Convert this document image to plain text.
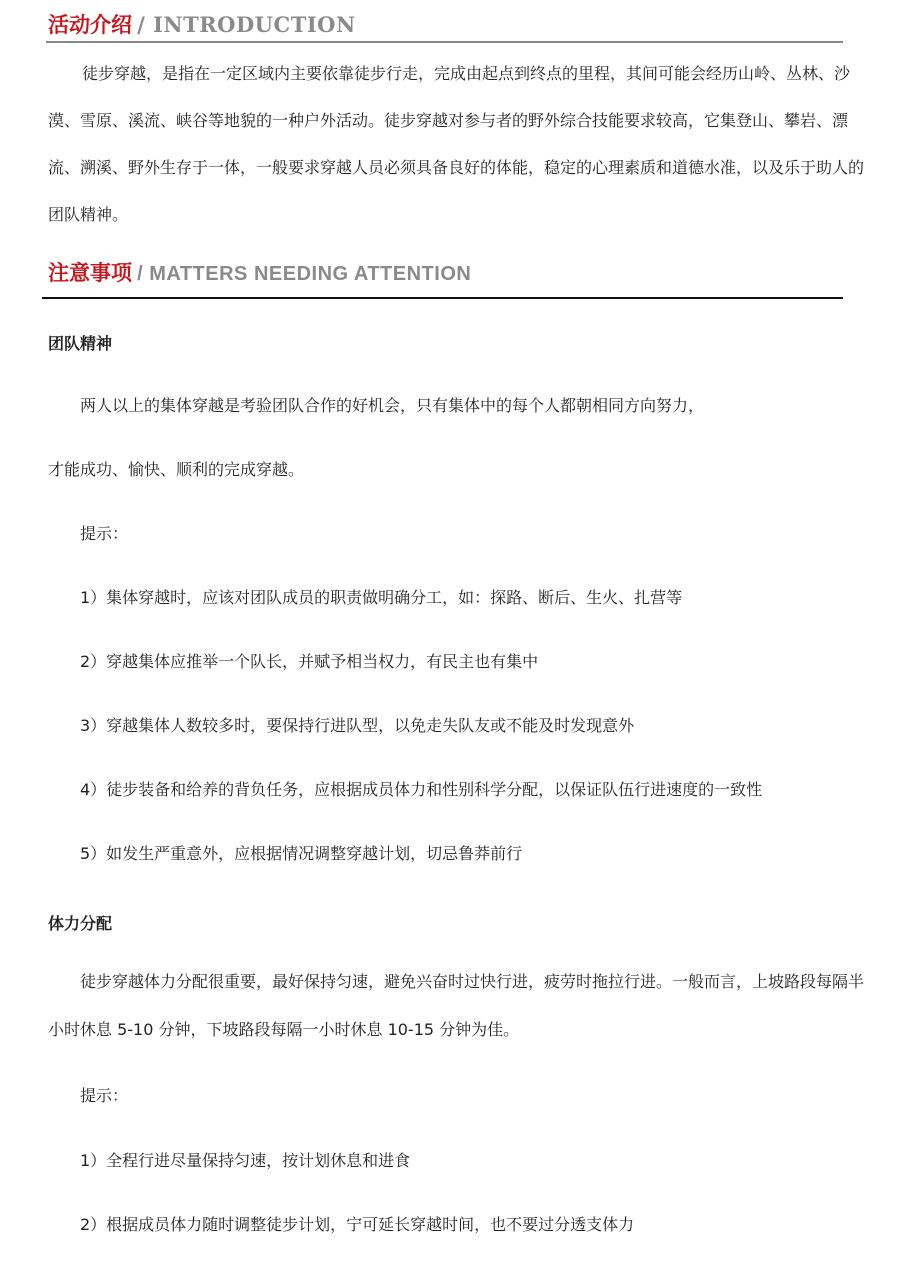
活动介绍 / INTRODUCTION

徒步穿越，是指在一定区域内主要依靠徒步行走，完成由起点到终点的里程，其间可能会经历山岭、丛林、沙漠、雪原、溪流、峡谷等地貌的一种户外活动。徒步穿越对参与者的野外综合技能要求较高，它集登山、攀岩、漂流、溯溪、野外生存于一体，一般要求穿越人员必须具备良好的体能，稳定的心理素质和道德水准，以及乐于助人的团队精神。

注意事项 / MATTERS NEEDING ATTENTION
团队精神
两人以上的集体穿越是考验团队合作的好机会，只有集体中的每个人都朝相同方向努力，
才能成功、愉快、顺利的完成穿越。
提示：
1）集体穿越时，应该对团队成员的职责做明确分工，如：探路、断后、生火、扎营等
2）穿越集体应推举一个队长，并赋予相当权力，有民主也有集中
3）穿越集体人数较多时，要保持行进队型，以免走失队友或不能及时发现意外
4）徒步装备和给养的背负任务，应根据成员体力和性别科学分配，以保证队伍行进速度的一致性
5）如发生严重意外，应根据情况调整穿越计划，切忌鲁莽前行
体力分配

徒步穿越体力分配很重要，最好保持匀速，避免兴奋时过快行进，疲劳时拖拉行进。一般而言，上坡路段每隔半小时休息 5-10 分钟，下坡路段每隔一小时休息 10-15 分钟为佳。

提示：
1）全程行进尽量保持匀速，按计划休息和进食
2）根据成员体力随时调整徒步计划，宁可延长穿越时间，也不要过分透支体力
